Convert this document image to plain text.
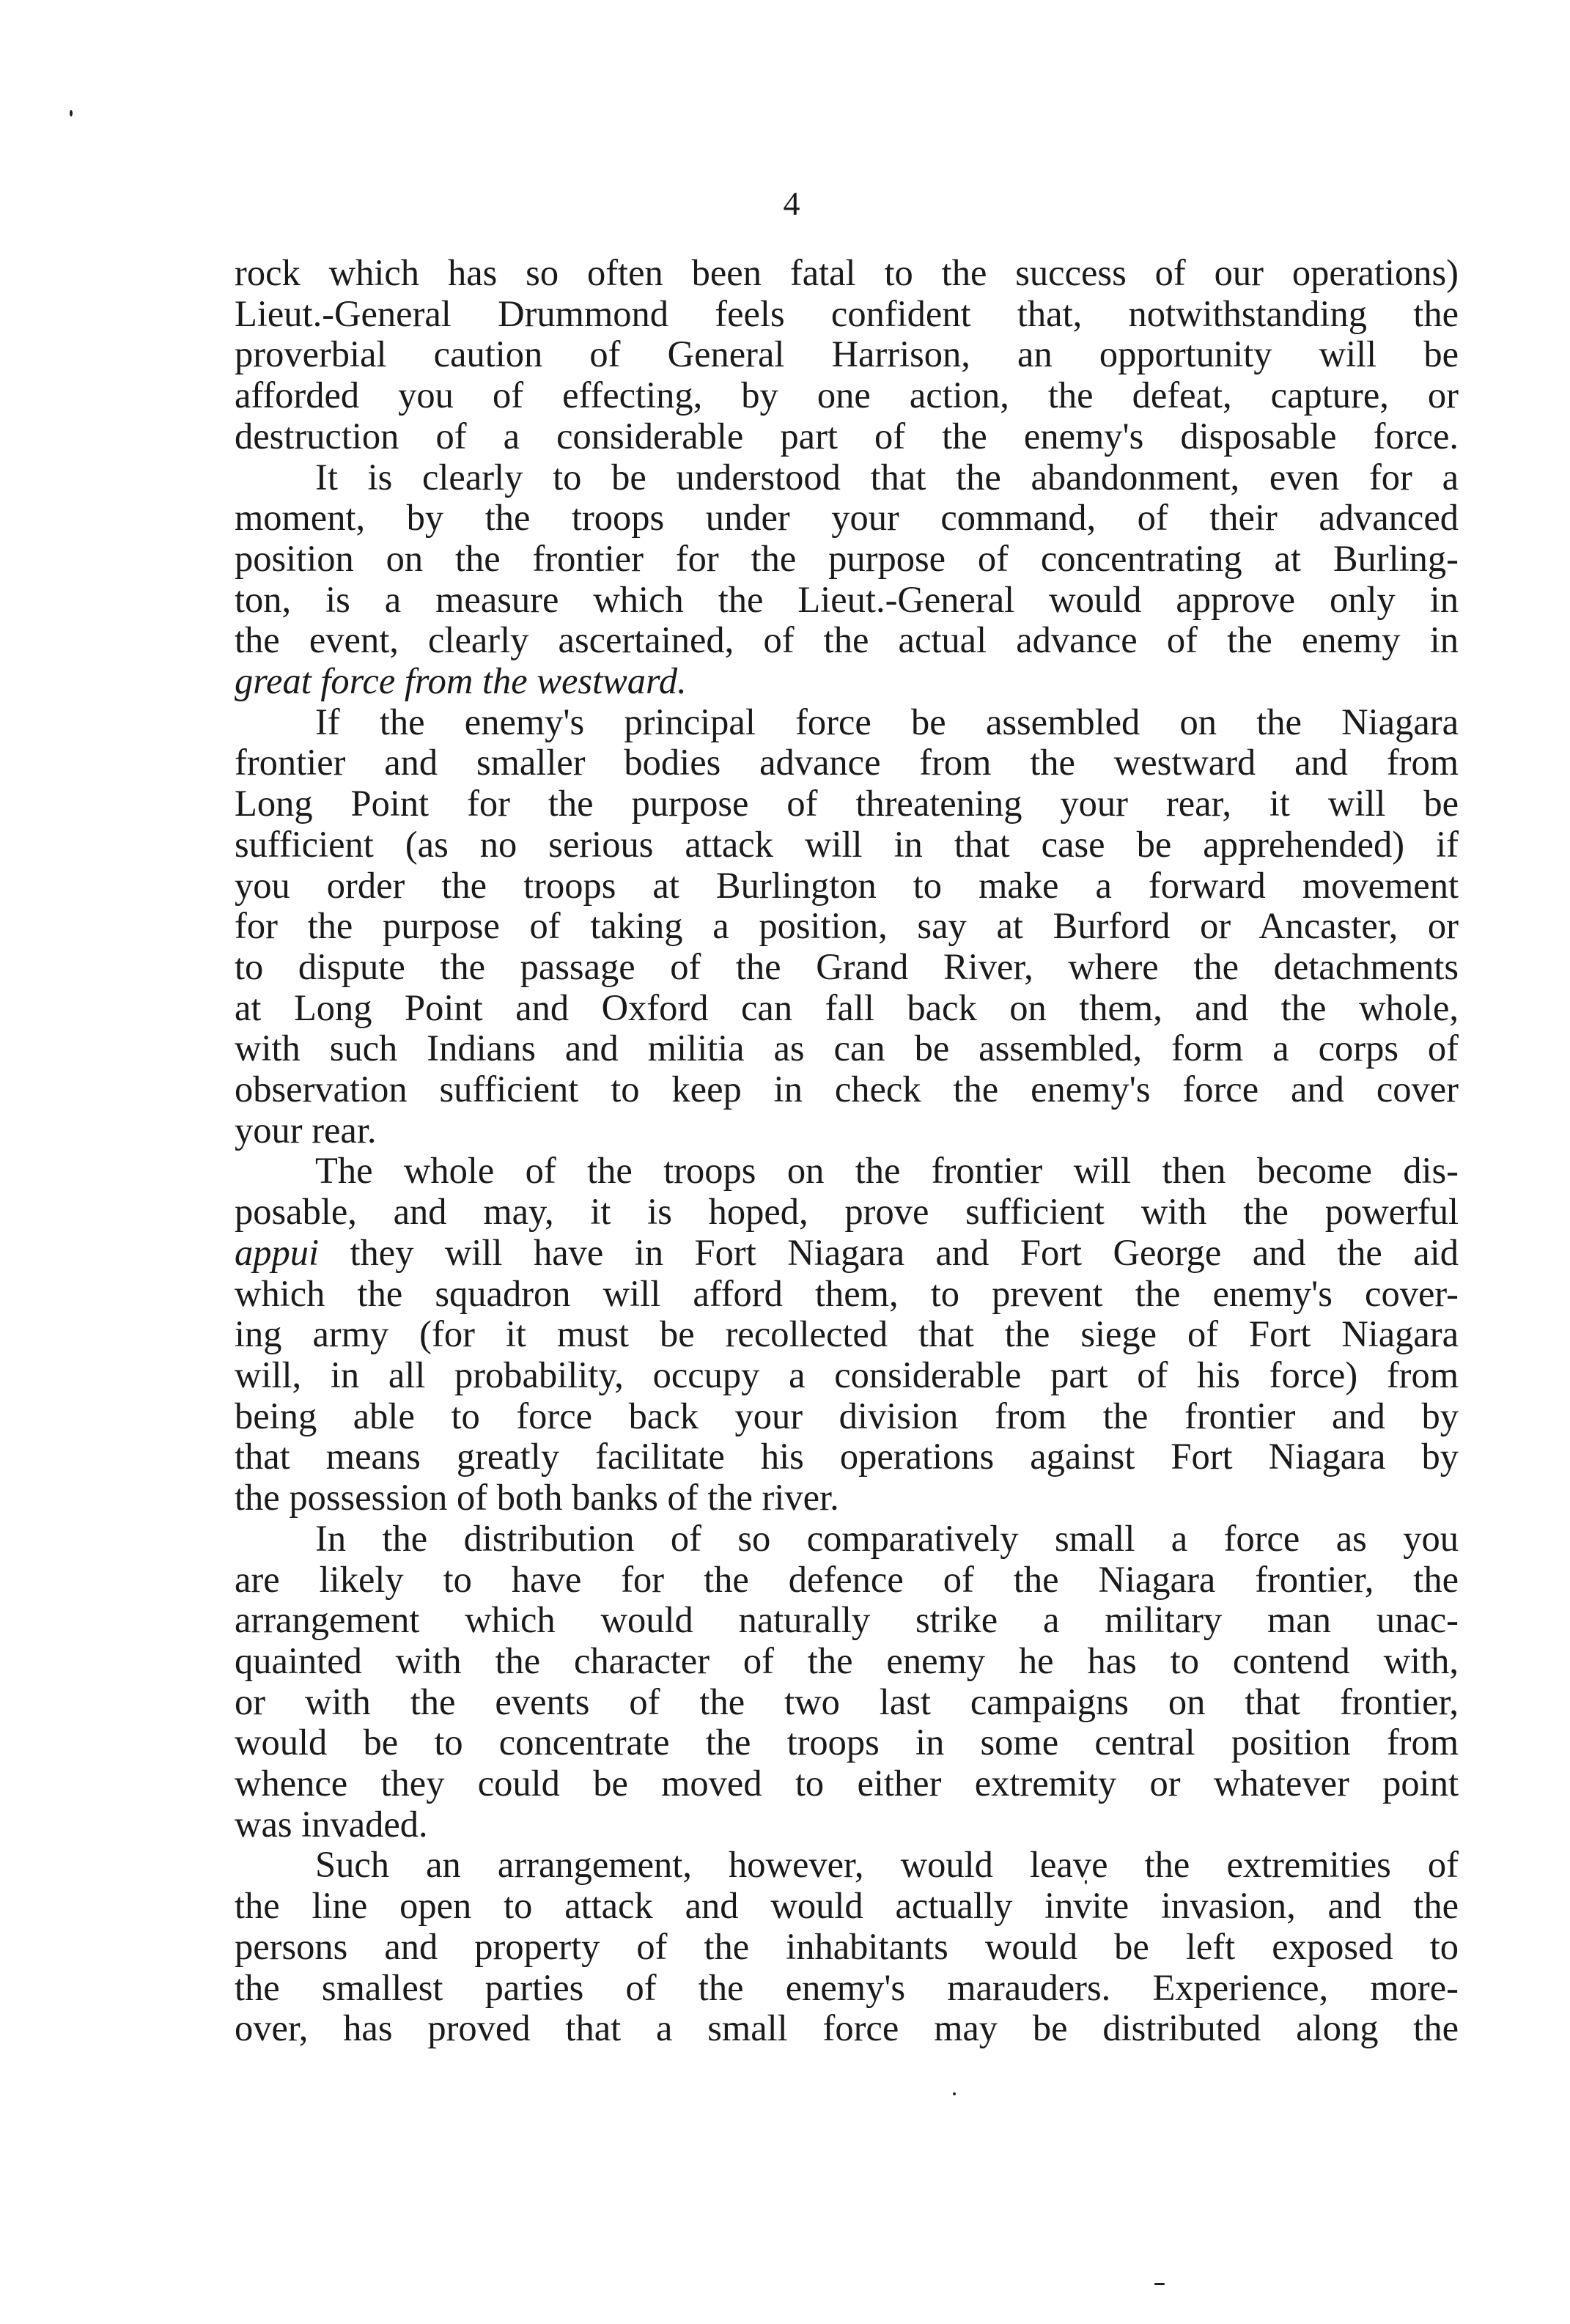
4

rock which has so often been fatal to the success of our operations)
Lieut.-General Drummond feels confident that, notwithstanding the
proverbial caution of General Harrison, an opportunity will be
afforded you of effecting, by one action, the defeat, capture, or
destruction of a considerable part of the enemy's disposable force.

It is clearly to be understood that the abandonment, even for a
moment, by the troops under your command, of their advanced
position on the frontier for the purpose of concentrating at Burling-
ton, is a measure which the Lieut.-General would approve only in
the event, clearly ascertained, of the actual advance of the enemy in
great force from the westward.

If the enemy's principal force be assembled on the Niagara
frontier and smaller bodies advance from the westward and from
Long Point for the purpose of threatening your rear, it will be
sufficient (as no serious attack will in that case be apprehended) if
you order the troops at Burlington to make a forward movement
for the purpose of taking a position, say at Burford or Ancaster, or
to dispute the passage of the Grand River, where the detachments
at Long Point and Oxford can fall back on them, and the whole,
with such Indians and militia as can be assembled, form a corps of
observation sufficient to keep in check the enemy's force and cover
your rear.

The whole of the troops on the frontier will then become dis-
posable, and may, it is hoped, prove sufficient with the powerful
appui they will have in Fort Niagara and Fort George and the aid
which the squadron will afford them, to prevent the enemy's cover-
ing army (for it must be recollected that the siege of Fort Niagara
will, in all probability, occupy a considerable part of his force) from
being able to force back your division from the frontier and by
that means greatly facilitate his operations against Fort Niagara by
the possession of both banks of the river.

In the distribution of so comparatively small a force as you
are likely to have for the defence of the Niagara frontier, the
arrangement which would naturally strike a military man unac-
quainted with the character of the enemy he has to contend with,
or with the events of the two last campaigns on that frontier,
would be to concentrate the troops in some central position from
whence they could be moved to either extremity or whatever point
was invaded.

Such an arrangement, however, would leave the extremities of
the line open to attack and would actually invite invasion, and the
persons and property of the inhabitants would be left exposed to
the smallest parties of the enemy's marauders. Experience, more-
over, has proved that a small force may be distributed along the
